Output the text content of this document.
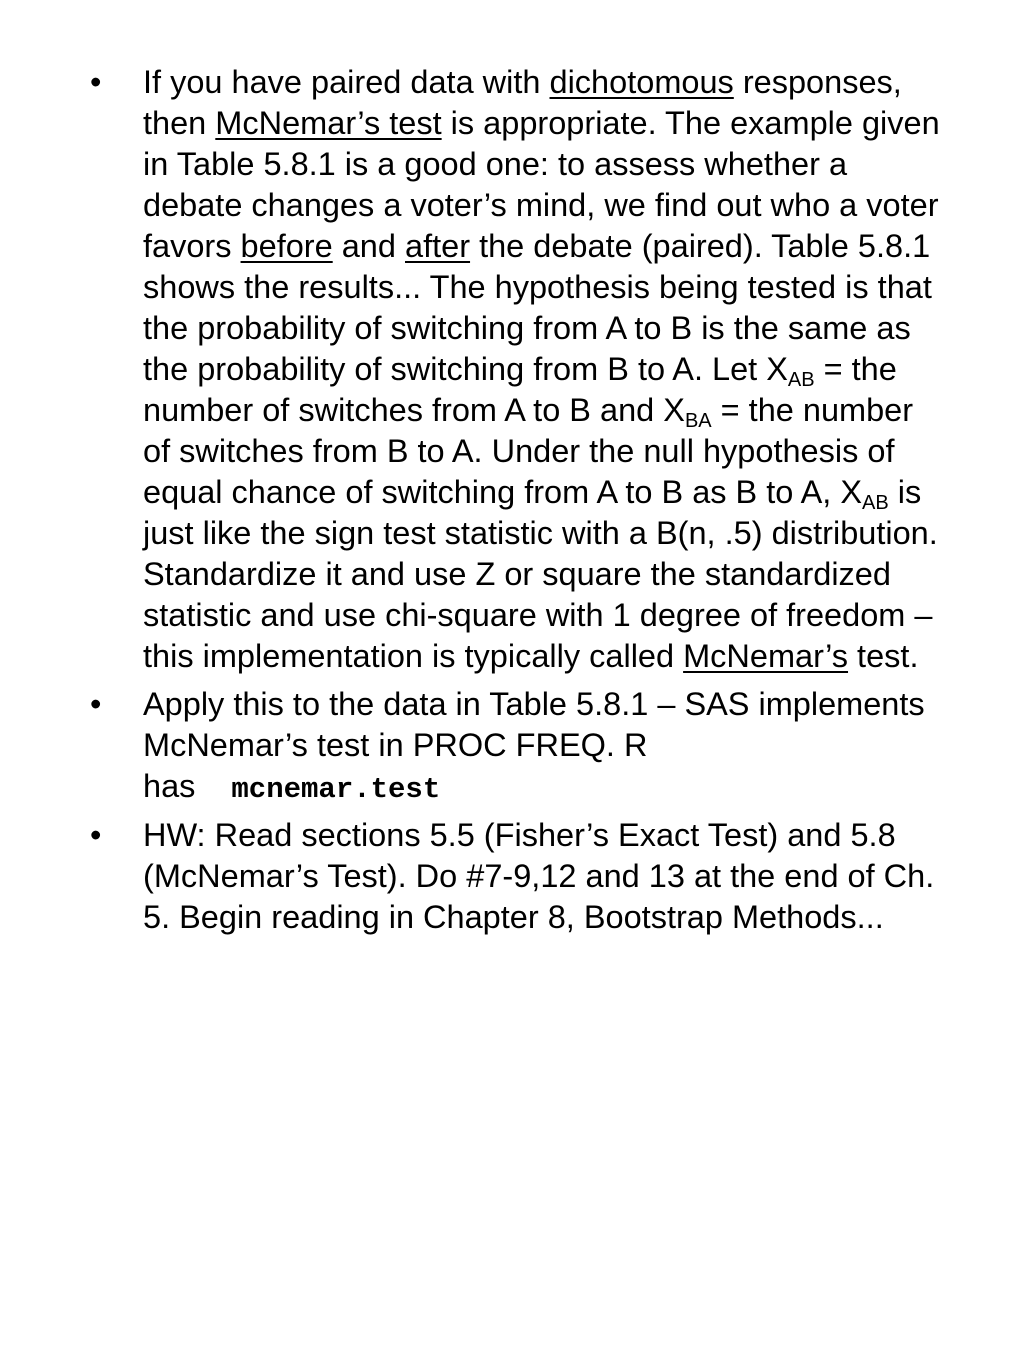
• If you have paired data with dichotomous responses, then McNemar’s test is appropriate. The example given in Table 5.8.1 is a good one: to assess whether a debate changes a voter’s mind, we find out who a voter favors before and after the debate (paired). Table 5.8.1 shows the results... The hypothesis being tested is that the probability of switching from A to B is the same as the probability of switching from B to A. Let $X_{AB}$ = the number of switches from A to B and $X_{BA}$ = the number of switches from B to A. Under the null hypothesis of equal chance of switching from A to B as B to A, $X_{AB}$ is just like the sign test statistic with a B(n, .5) distribution. Standardize it and use Z or square the standardized statistic and use chi-square with 1 degree of freedom – this implementation is typically called McNemar’s test.
• Apply this to the data in Table 5.8.1 – SAS implements McNemar’s test in PROC FREQ. R has mcnemar.test
• HW: Read sections 5.5 (Fisher’s Exact Test) and 5.8 (McNemar’s Test). Do #7-9,12 and 13 at the end of Ch. 5. Begin reading in Chapter 8, Bootstrap Methods...
